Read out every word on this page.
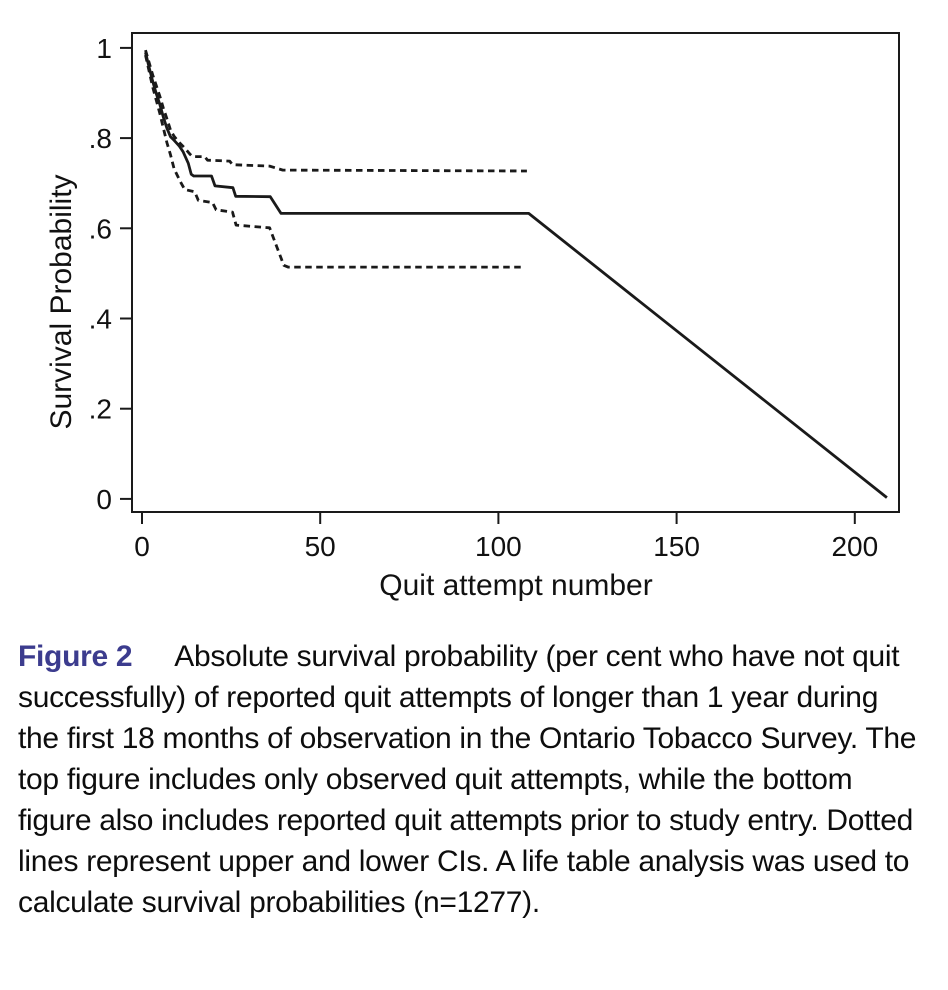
0
.2
.4
.6
.8
1
0	50	100	150	200
Survival Probability
Quit attempt number
Figure 2 Absolute survival probability (per cent who have not quit successfully) of reported quit attempts of longer than 1 year during the first 18 months of observation in the Ontario Tobacco Survey. The top figure includes only observed quit attempts, while the bottom figure also includes reported quit attempts prior to study entry. Dotted lines represent upper and lower CIs. A life table analysis was used to calculate survival probabilities (n=1277).
